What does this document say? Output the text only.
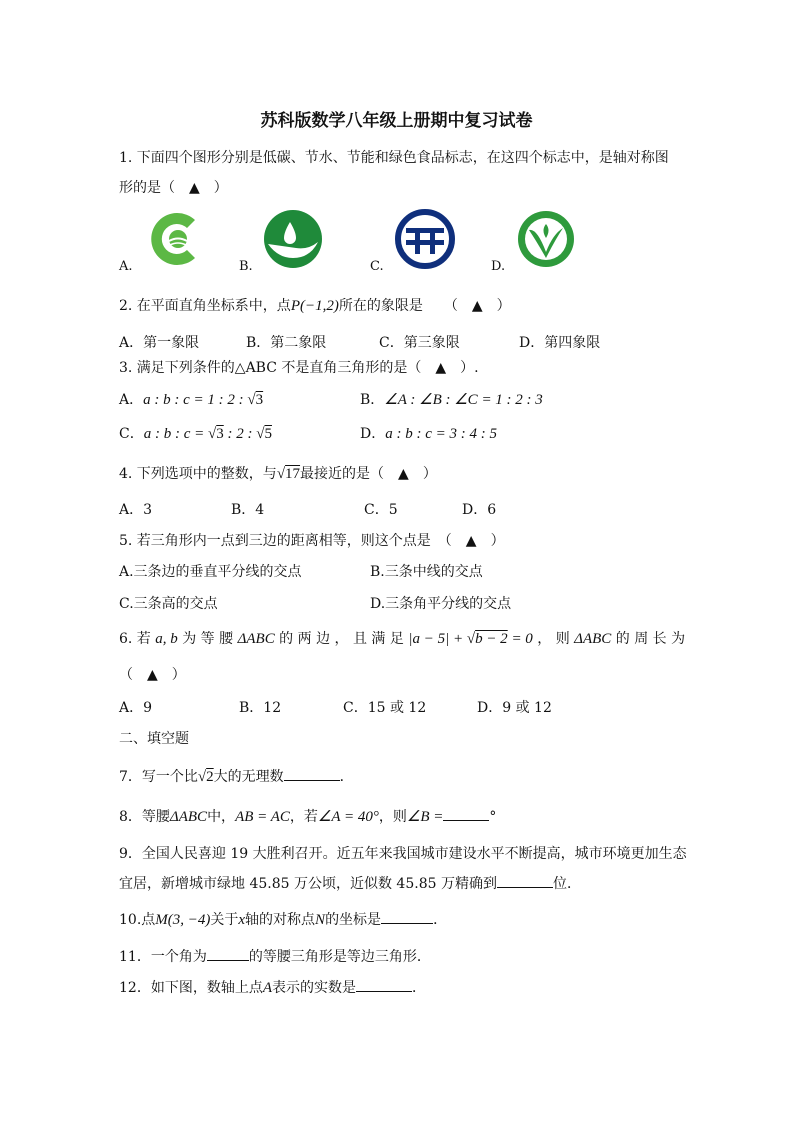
苏科版数学八年级上册期中复习试卷
1. 下面四个图形分别是低碳、节水、节能和绿色食品标志，在这四个标志中，是轴对称图
形的是（　▲　）
A.	B.	C.	D.
2. 在平面直角坐标系中，点P(−1,2)所在的象限是　　（　▲　）
A．第一象限	B．第二象限	C．第三象限	D．第四象限
3. 满足下列条件的△ABC 不是直角三角形的是（　▲　）.
A．a : b : c = 1 : 2 : √3	B．∠A : ∠B : ∠C = 1 : 2 : 3
C．a : b : c = √3 : 2 : √5	D．a : b : c = 3 : 4 : 5
4. 下列选项中的整数，与√17最接近的是（　▲　）
A．3	B．4	C．5	D．6
5. 若三角形内一点到三边的距离相等，则这个点是　（　▲　）
A.三条边的垂直平分线的交点	B.三条中线的交点
C.三条高的交点	D.三条角平分线的交点
6. 若 a, b 为 等 腰 ΔABC 的 两 边 ， 且 满 足 |a − 5| + √b − 2 = 0 ， 则 ΔABC 的 周 长 为
（　▲　）
A．9	B．12	C．15 或 12	D．9 或 12
二、填空题
7．写一个比√2大的无理数	．
8．等腰ΔABC中，AB = AC，若∠A = 40°，则∠B =	°
9．全国人民喜迎 19 大胜利召开。近五年来我国城市建设水平不断提高，城市环境更加生态
宜居，新增城市绿地 45.85 万公顷，近似数 45.85 万精确到	位．
10.点M(3, −4)关于x轴的对称点N的坐标是	．
11．一个角为	的等腰三角形是等边三角形．
12．如下图，数轴上点A表示的实数是	．
